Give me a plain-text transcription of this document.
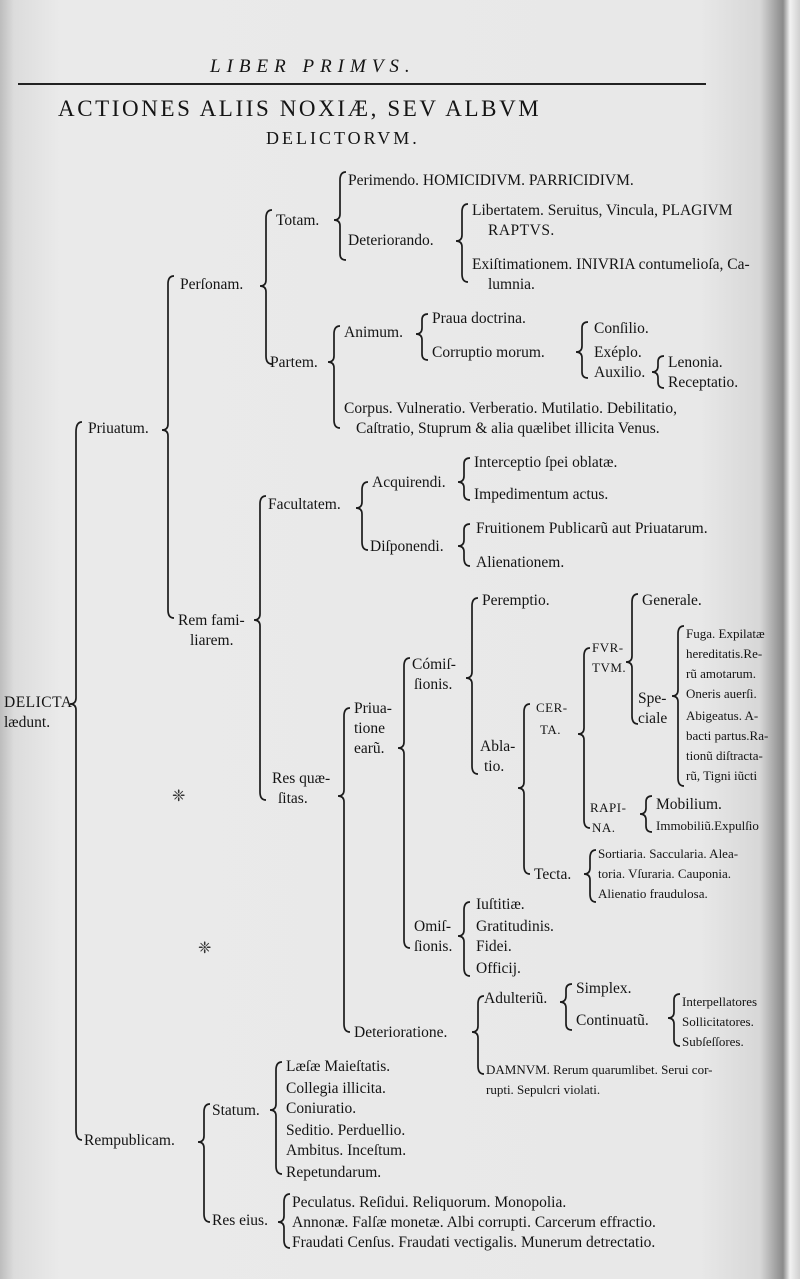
LIBER PRIMVS.
ACTIONES ALIIS NOXIÆ, SEV ALBVM
DELICTORVM.
DELICTA
lædunt.
Priuatum.
Perſonam.
Totam.
Perimendo. HOMICIDIVM. PARRICIDIVM.
Deteriorando.
Libertatem. Seruitus, Vincula, PLAGIVM
RAPTVS.
Exiſtimationem. INIVRIA contumelioſa, Ca-
lumnia.
Partem.
Animum.
Praua doctrina.
Corruptio morum.
Conſilio.
Exéplo.
Auxilio.
Lenonia.
Receptatio.
Corpus. Vulneratio. Verberatio. Mutilatio. Debilitatio,
Caſtratio, Stuprum & alia quælibet illicita Venus.
Rem fami-
liarem.
Facultatem.
Acquirendi.
Interceptio ſpei oblatæ.
Impedimentum actus.
Diſponendi.
Fruitionem Publicarũ aut Priuatarum.
Alienationem.
Res quæ-
ſitas.
Priua-
tione
earũ.
Cómiſ-
ſionis.
Peremptio.
Abla-
tio.
CER-
TA.
FVR-
TVM.
Generale.
Spe-
ciale
Fuga. Expilatæ
hereditatis.Re-
rũ amotarum.
Oneris auerſi.
Abigeatus. A-
bacti partus.Ra-
tionũ diſtracta-
rũ, Tigni iũcti
RAPI-
NA.
Mobilium.
Immobiliũ.Expulſio
Tecta.
Sortiaria. Saccularia. Alea-
toria. Vſuraria. Cauponia.
Alienatio fraudulosa.
Omiſ-
ſionis.
Iuſtitiæ.
Gratitudinis.
Fidei.
Officij.
Deterioratione.
Adulteriũ.
Simplex.
Continuatũ.
Interpellatores
Sollicitatores.
Subſeſſores.
DAMNVM. Rerum quarumlibet. Serui cor-
rupti. Sepulcri violati.
Rempublicam.
Statum.
Læſæ Maieſtatis.
Collegia illicita.
Coniuratio.
Seditio. Perduellio.
Ambitus. Inceſtum.
Repetundarum.
Res eius.
Peculatus. Reſidui. Reliquorum. Monopolia.
Annonæ. Falſæ monetæ. Albi corrupti. Carcerum effractio.
Fraudati Cenſus. Fraudati vectigalis. Munerum detrectatio.
❈
❈
